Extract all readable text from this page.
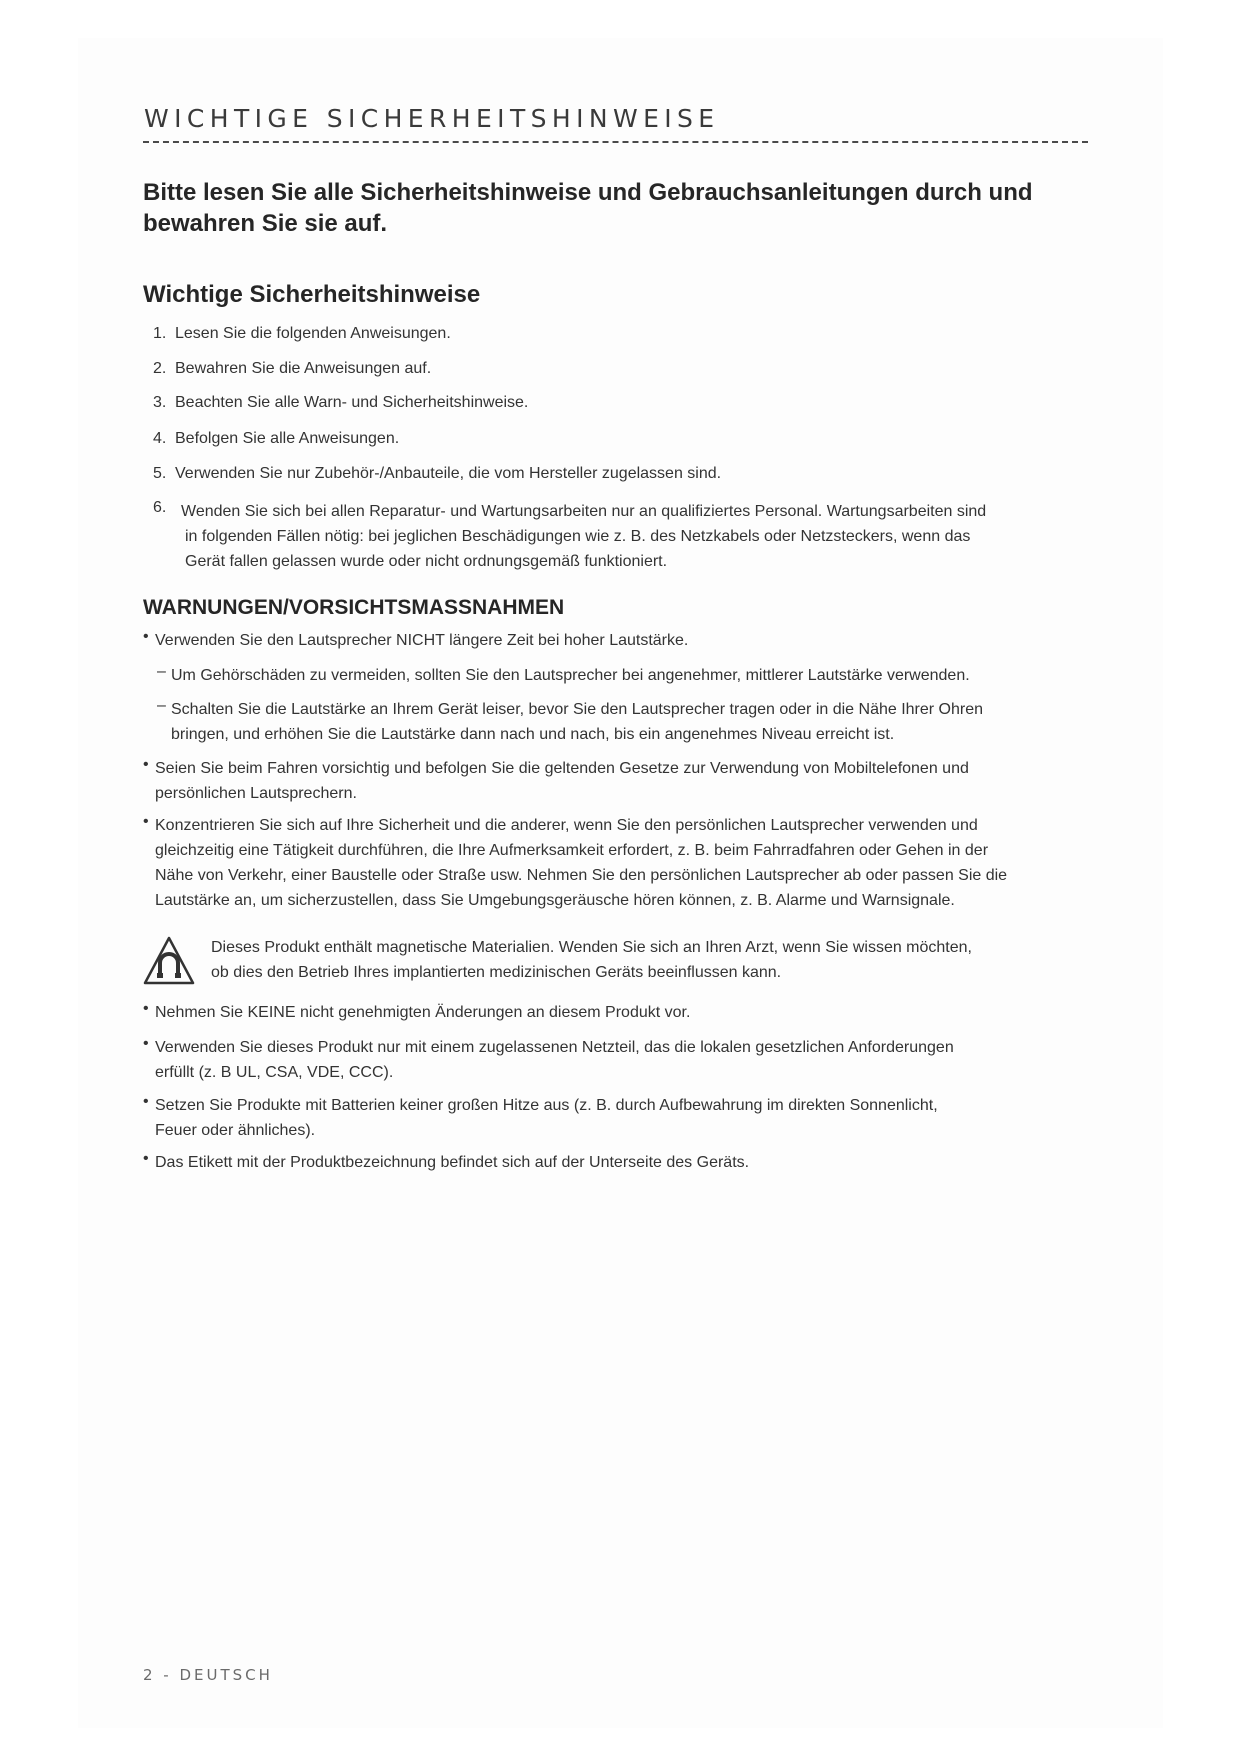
WICHTIGE SICHERHEITSHINWEISE
Bitte lesen Sie alle Sicherheitshinweise und Gebrauchsanleitungen durch und bewahren Sie sie auf.
Wichtige Sicherheitshinweise
1. Lesen Sie die folgenden Anweisungen.
2. Bewahren Sie die Anweisungen auf.
3. Beachten Sie alle Warn- und Sicherheitshinweise.
4. Befolgen Sie alle Anweisungen.
5. Verwenden Sie nur Zubehör-/Anbauteile, die vom Hersteller zugelassen sind.
6. Wenden Sie sich bei allen Reparatur- und Wartungsarbeiten nur an qualifiziertes Personal. Wartungsarbeiten sind
in folgenden Fällen nötig: bei jeglichen Beschädigungen wie z. B. des Netzkabels oder Netzsteckers, wenn das
Gerät fallen gelassen wurde oder nicht ordnungsgemäß funktioniert.
WARNUNGEN/VORSICHTSMASSNAHMEN
• Verwenden Sie den Lautsprecher NICHT längere Zeit bei hoher Lautstärke.
– Um Gehörschäden zu vermeiden, sollten Sie den Lautsprecher bei angenehmer, mittlerer Lautstärke verwenden.
– Schalten Sie die Lautstärke an Ihrem Gerät leiser, bevor Sie den Lautsprecher tragen oder in die Nähe Ihrer Ohren
bringen, und erhöhen Sie die Lautstärke dann nach und nach, bis ein angenehmes Niveau erreicht ist.
• Seien Sie beim Fahren vorsichtig und befolgen Sie die geltenden Gesetze zur Verwendung von Mobiltelefonen und
persönlichen Lautsprechern.
• Konzentrieren Sie sich auf Ihre Sicherheit und die anderer, wenn Sie den persönlichen Lautsprecher verwenden und
gleichzeitig eine Tätigkeit durchführen, die Ihre Aufmerksamkeit erfordert, z. B. beim Fahrradfahren oder Gehen in der
Nähe von Verkehr, einer Baustelle oder Straße usw. Nehmen Sie den persönlichen Lautsprecher ab oder passen Sie die
Lautstärke an, um sicherzustellen, dass Sie Umgebungsgeräusche hören können, z. B. Alarme und Warnsignale.
Dieses Produkt enthält magnetische Materialien. Wenden Sie sich an Ihren Arzt, wenn Sie wissen möchten,
ob dies den Betrieb Ihres implantierten medizinischen Geräts beeinflussen kann.
• Nehmen Sie KEINE nicht genehmigten Änderungen an diesem Produkt vor.
• Verwenden Sie dieses Produkt nur mit einem zugelassenen Netzteil, das die lokalen gesetzlichen Anforderungen
erfüllt (z. B UL, CSA, VDE, CCC).
• Setzen Sie Produkte mit Batterien keiner großen Hitze aus (z. B. durch Aufbewahrung im direkten Sonnenlicht,
Feuer oder ähnliches).
• Das Etikett mit der Produktbezeichnung befindet sich auf der Unterseite des Geräts.
2 - DEUTSCH
